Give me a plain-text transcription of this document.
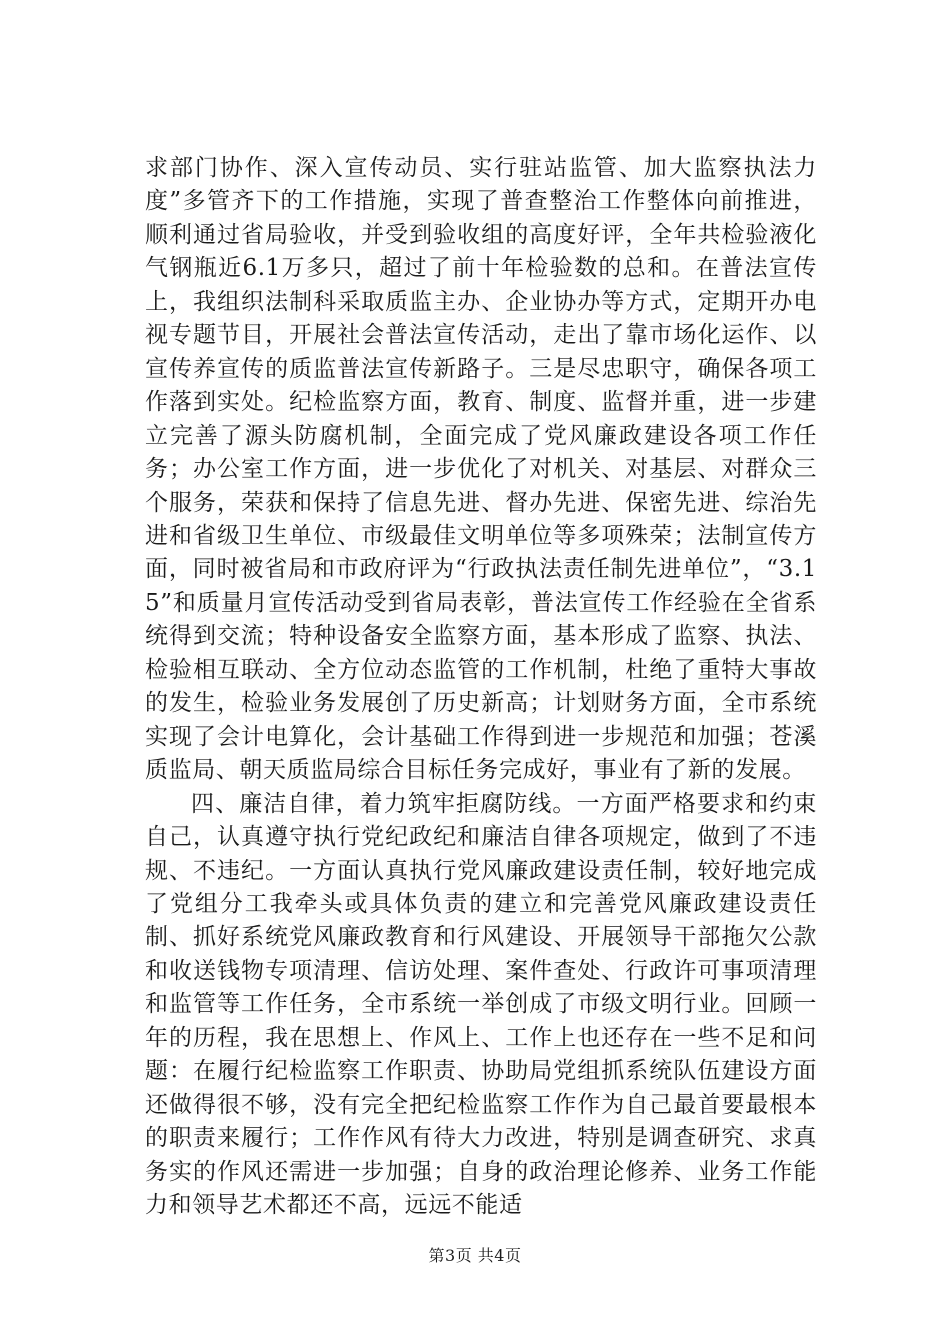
求部门协作、深入宣传动员、实行驻站监管、加大监察执法力度”多管齐下的工作措施，实现了普查整治工作整体向前推进，顺利通过省局验收，并受到验收组的高度好评，全年共检验液化气钢瓶近6.1万多只，超过了前十年检验数的总和。在普法宣传上，我组织法制科采取质监主办、企业协办等方式，定期开办电视专题节目，开展社会普法宣传活动，走出了靠市场化运作、以宣传养宣传的质监普法宣传新路子。三是尽忠职守，确保各项工作落到实处。纪检监察方面，教育、制度、监督并重，进一步建立完善了源头防腐机制，全面完成了党风廉政建设各项工作任务；办公室工作方面，进一步优化了对机关、对基层、对群众三个服务，荣获和保持了信息先进、督办先进、保密先进、综治先进和省级卫生单位、市级最佳文明单位等多项殊荣；法制宣传方面，同时被省局和市政府评为“行政执法责任制先进单位”，“3.15”和质量月宣传活动受到省局表彰，普法宣传工作经验在全省系统得到交流；特种设备安全监察方面，基本形成了监察、执法、检验相互联动、全方位动态监管的工作机制，杜绝了重特大事故的发生，检验业务发展创了历史新高；计划财务方面，全市系统实现了会计电算化，会计基础工作得到进一步规范和加强；苍溪质监局、朝天质监局综合目标任务完成好，事业有了新的发展。

四、廉洁自律，着力筑牢拒腐防线。一方面严格要求和约束自己，认真遵守执行党纪政纪和廉洁自律各项规定，做到了不违规、不违纪。一方面认真执行党风廉政建设责任制，较好地完成了党组分工我牵头或具体负责的建立和完善党风廉政建设责任制、抓好系统党风廉政教育和行风建设、开展领导干部拖欠公款和收送钱物专项清理、信访处理、案件查处、行政许可事项清理和监管等工作任务，全市系统一举创成了市级文明行业。回顾一年的历程，我在思想上、作风上、工作上也还存在一些不足和问题：在履行纪检监察工作职责、协助局党组抓系统队伍建设方面还做得很不够，没有完全把纪检监察工作作为自己最首要最根本的职责来履行；工作作风有待大力改进，特别是调查研究、求真务实的作风还需进一步加强；自身的政治理论修养、业务工作能力和领导艺术都还不高，远远不能适

第3页 共4页
